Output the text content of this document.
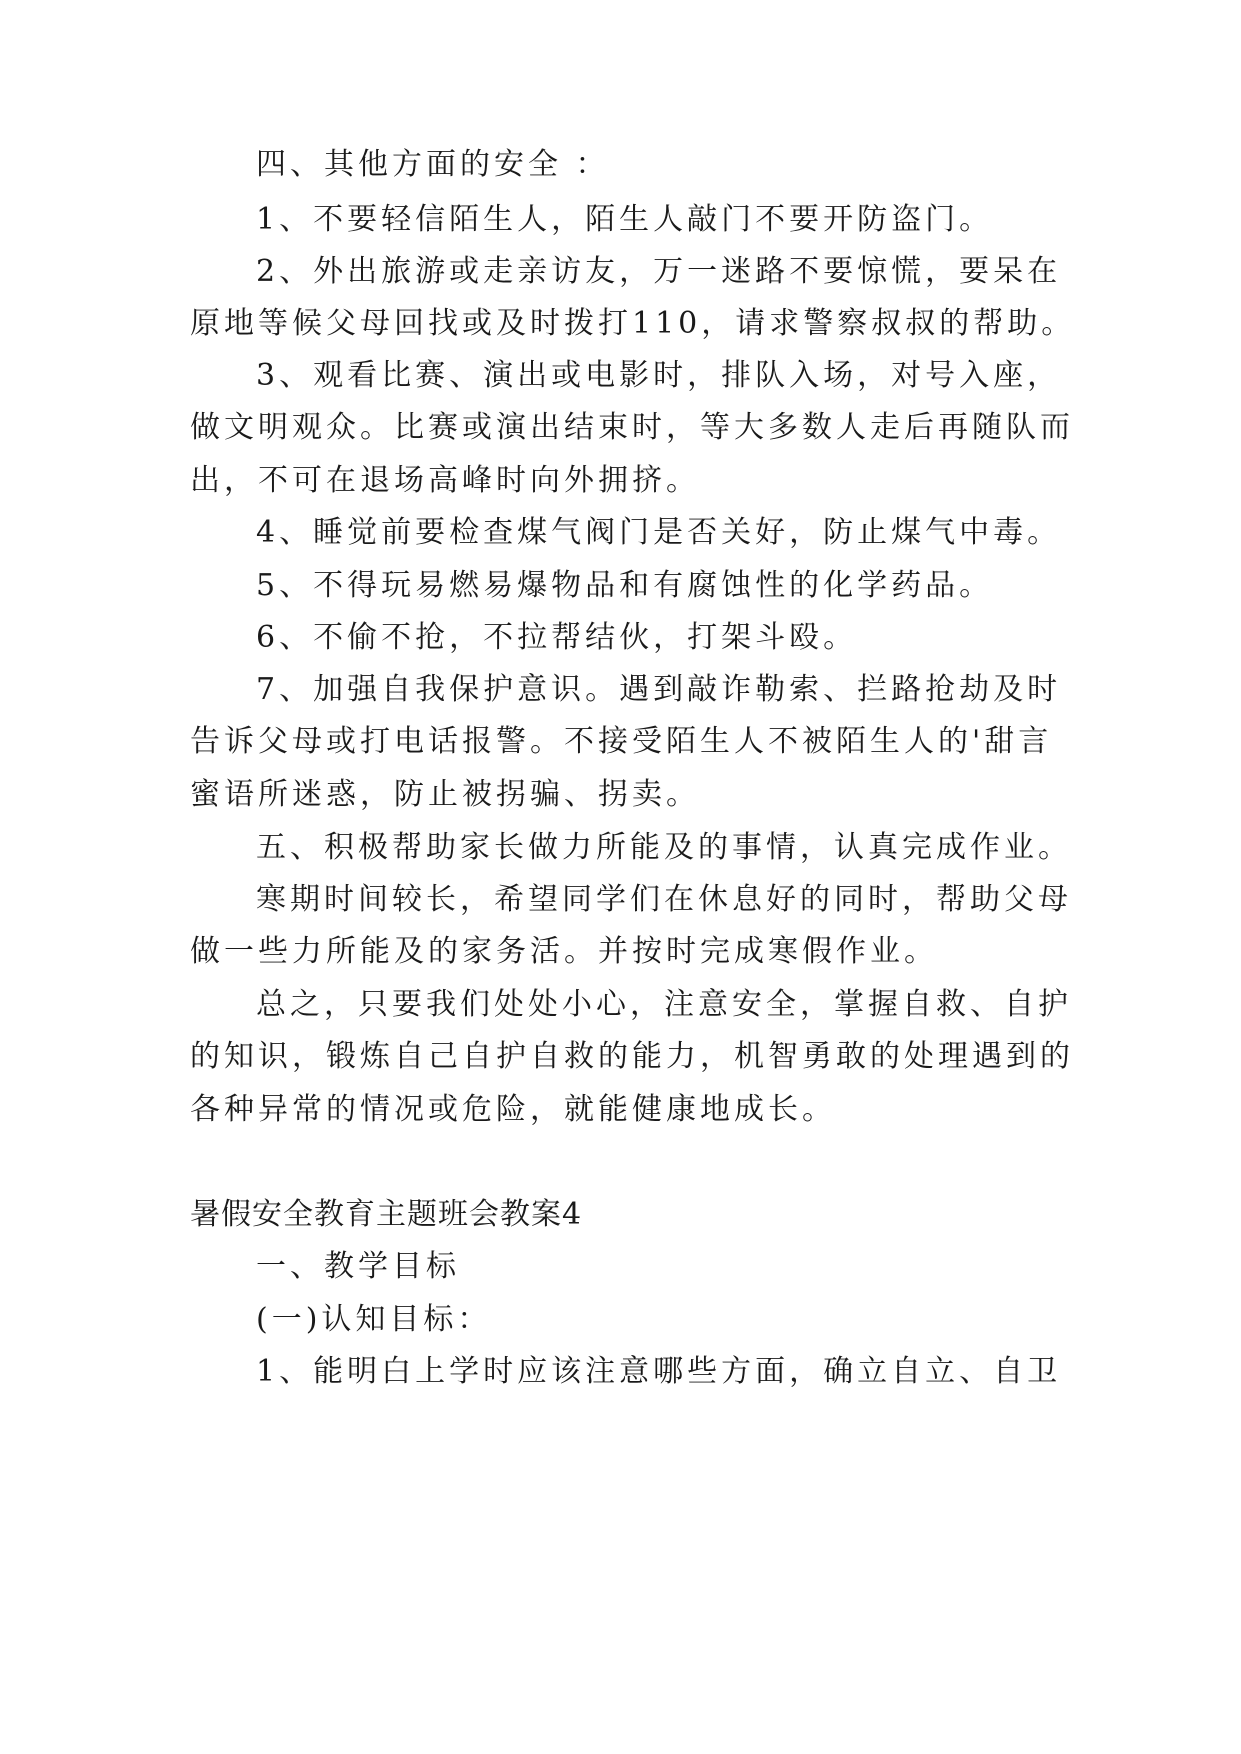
四、其他方面的安全 ：
1、不要轻信陌生人，陌生人敲门不要开防盗门。
2、外出旅游或走亲访友，万一迷路不要惊慌，要呆在
原地等候父母回找或及时拨打110，请求警察叔叔的帮助。
3、观看比赛、演出或电影时，排队入场，对号入座，
做文明观众。比赛或演出结束时，等大多数人走后再随队而
出，不可在退场高峰时向外拥挤。
4、睡觉前要检查煤气阀门是否关好，防止煤气中毒。
5、不得玩易燃易爆物品和有腐蚀性的化学药品。
6、不偷不抢，不拉帮结伙，打架斗殴。
7、加强自我保护意识。遇到敲诈勒索、拦路抢劫及时
告诉父母或打电话报警。不接受陌生人不被陌生人的'甜言
蜜语所迷惑，防止被拐骗、拐卖。
五、积极帮助家长做力所能及的事情，认真完成作业。
寒期时间较长，希望同学们在休息好的同时，帮助父母
做一些力所能及的家务活。并按时完成寒假作业。
总之，只要我们处处小心，注意安全，掌握自救、自护
的知识，锻炼自己自护自救的能力，机智勇敢的处理遇到的
各种异常的情况或危险，就能健康地成长。
暑假安全教育主题班会教案4
一、教学目标
(一)认知目标：
1、能明白上学时应该注意哪些方面，确立自立、自卫
